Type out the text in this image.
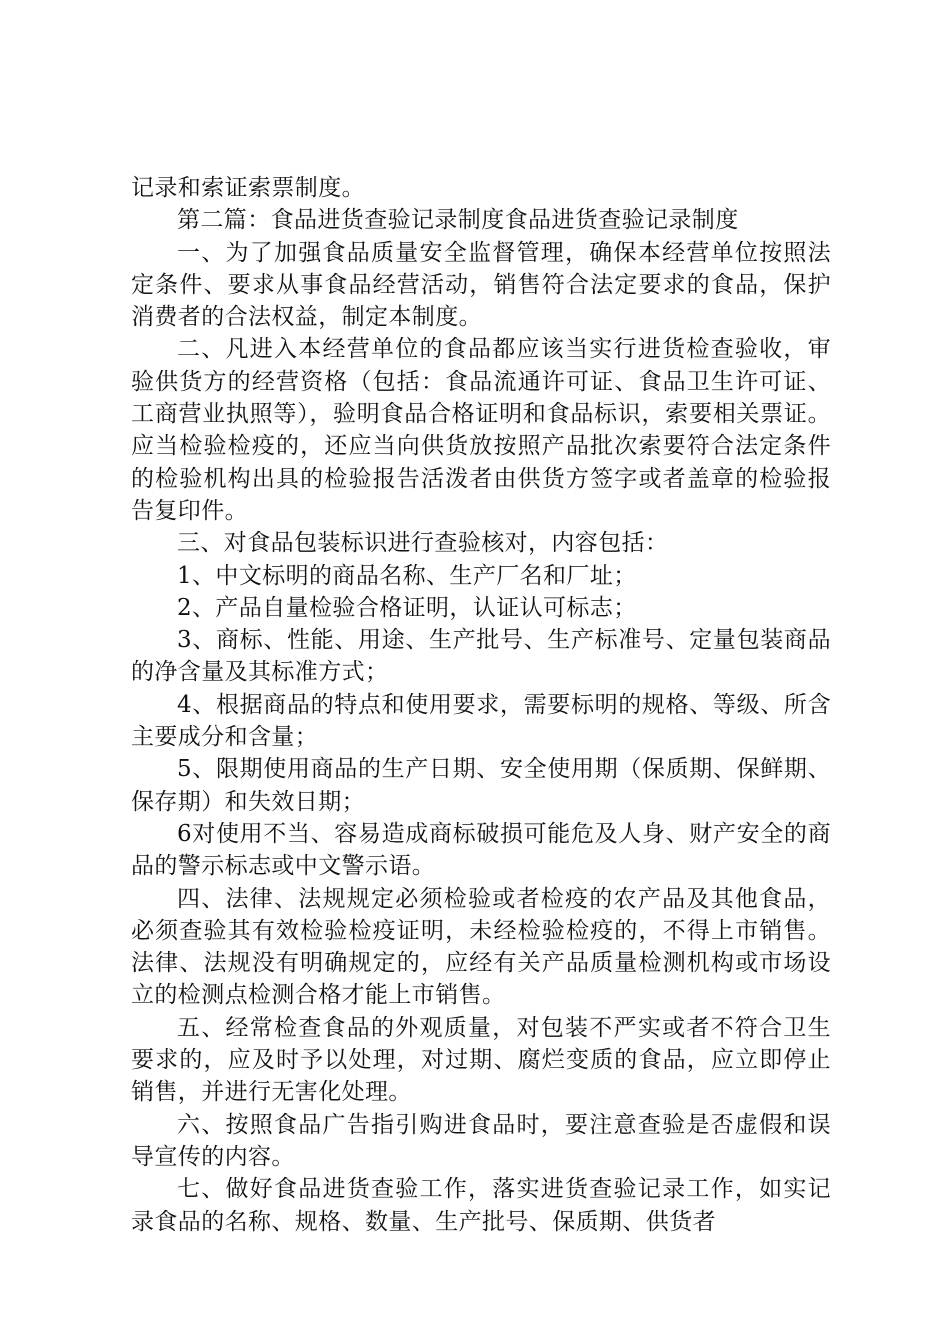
记录和索证索票制度。

第二篇：食品进货查验记录制度食品进货查验记录制度

一、为了加强食品质量安全监督管理，确保本经营单位按照法定条件、要求从事食品经营活动，销售符合法定要求的食品，保护消费者的合法权益，制定本制度。

二、凡进入本经营单位的食品都应该当实行进货检查验收，审验供货方的经营资格（包括：食品流通许可证、食品卫生许可证、工商营业执照等），验明食品合格证明和食品标识，索要相关票证。应当检验检疫的，还应当向供货放按照产品批次索要符合法定条件的检验机构出具的检验报告活泼者由供货方签字或者盖章的检验报告复印件。

三、对食品包装标识进行查验核对，内容包括：

1、中文标明的商品名称、生产厂名和厂址；

2、产品自量检验合格证明，认证认可标志；

3、商标、性能、用途、生产批号、生产标准号、定量包装商品的净含量及其标准方式；

4、根据商品的特点和使用要求，需要标明的规格、等级、所含主要成分和含量；

5、限期使用商品的生产日期、安全使用期（保质期、保鲜期、保存期）和失效日期；

6对使用不当、容易造成商标破损可能危及人身、财产安全的商品的警示标志或中文警示语。

四、法律、法规规定必须检验或者检疫的农产品及其他食品，必须查验其有效检验检疫证明，未经检验检疫的，不得上市销售。法律、法规没有明确规定的，应经有关产品质量检测机构或市场设立的检测点检测合格才能上市销售。

五、经常检查食品的外观质量，对包装不严实或者不符合卫生要求的，应及时予以处理，对过期、腐烂变质的食品，应立即停止销售，并进行无害化处理。

六、按照食品广告指引购进食品时，要注意查验是否虚假和误导宣传的内容。

七、做好食品进货查验工作，落实进货查验记录工作，如实记录食品的名称、规格、数量、生产批号、保质期、供货者
